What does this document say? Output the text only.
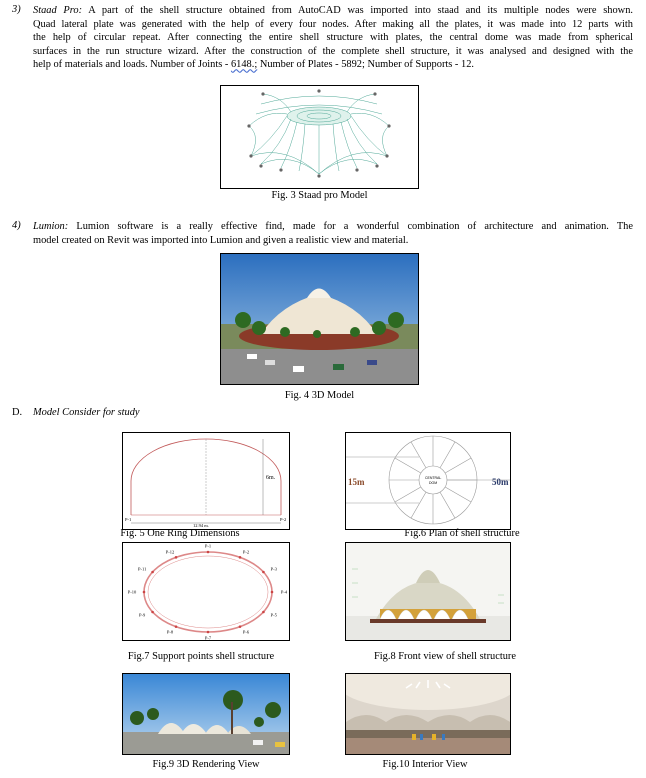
3) Staad Pro: A part of the shell structure obtained from AutoCAD was imported into staad and its multiple nodes were shown.
Quad lateral plate was generated with the help of every four nodes. After making all the plates, it was made into 12 parts with
the help of circular repeat. After connecting the entire shell structure with plates, the central dome was made from spherical
surfaces in the run structure wizard. After the construction of the complete shell structure, it was analysed and designed with the
help of materials and loads. Number of Joints - 6148.; Number of Plates - 5892; Number of Supports - 12.
Fig. 3 Staad pro Model
4) Lumion: Lumion software is a really effective find, made for a wonderful combination of architecture and animation. The
model created on Revit was imported into Lumion and given a realistic view and material.
Fig. 4 3D Model
D. Model Consider for study
6m.
12.94 m.
P-1	P-2
Fig. 5 One Ring Dimensions
15m	50m
CENTRAL
DOM
Fig.6 Plan of shell structure
P-1
P-2
P-3
P-4
P-5
P-6
P-7
P-8
P-9
P-10
P-11
P-12
Fig.7 Support points shell structure	Fig.8 Front view of shell structure
Fig.9 3D Rendering View	Fig.10 Interior View
